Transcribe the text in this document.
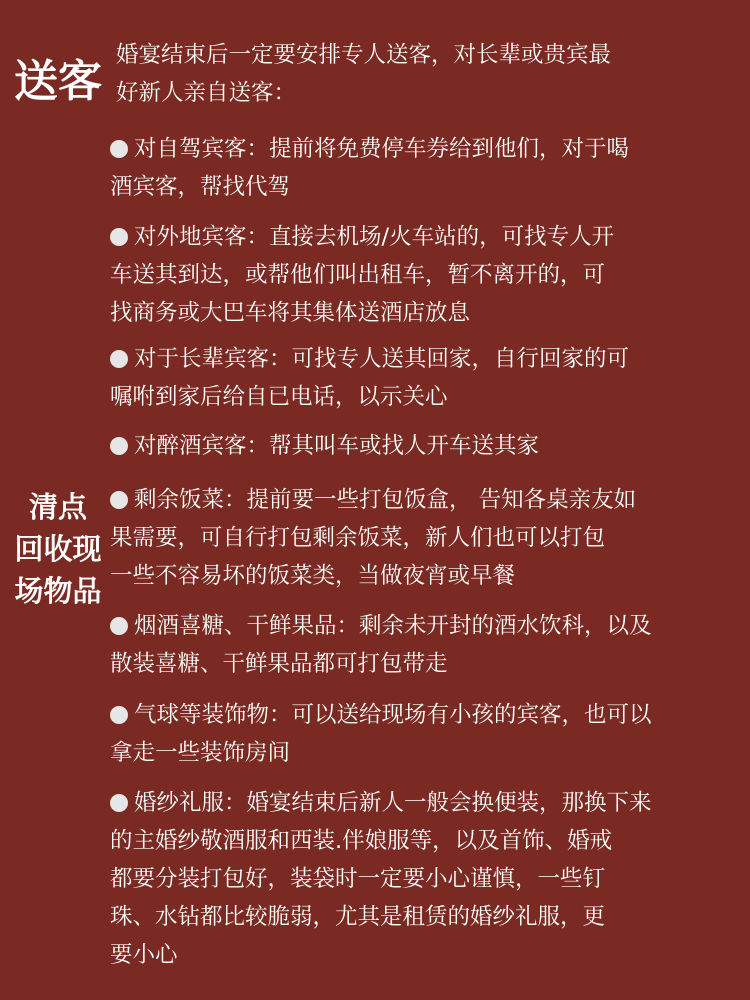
送客
婚宴结束后一定要安排专人送客，对长辈或贵宾最
好新人亲自送客：
对自驾宾客：提前将免费停车券给到他们，对于喝
酒宾客，帮找代驾
对外地宾客：直接去机场/火车站的，可找专人开
车送其到达，或帮他们叫出租车，暂不离开的，可
找商务或大巴车将其集体送酒店放息
对于长辈宾客：可找专人送其回家，自行回家的可
嘱咐到家后给自已电话，以示关心
对醉酒宾客：帮其叫车或找人开车送其家
清点
回收现
场物品
剩余饭菜：提前要一些打包饭盒， 告知各桌亲友如
果需要，可自行打包剩余饭菜，新人们也可以打包
一些不容易坏的饭菜类，当做夜宵或早餐
烟酒喜糖、干鲜果品：剩余未开封的酒水饮科，以及
散装喜糖、干鲜果品都可打包带走
气球等装饰物：可以送给现场有小孩的宾客，也可以
拿走一些装饰房间
婚纱礼服：婚宴结束后新人一般会换便装，那换下来
的主婚纱敬酒服和西装.伴娘服等，以及首饰、婚戒
都要分装打包好，装袋时一定要小心谨慎，一些钉
珠、水钻都比较脆弱，尤其是租赁的婚纱礼服，更
要小心
